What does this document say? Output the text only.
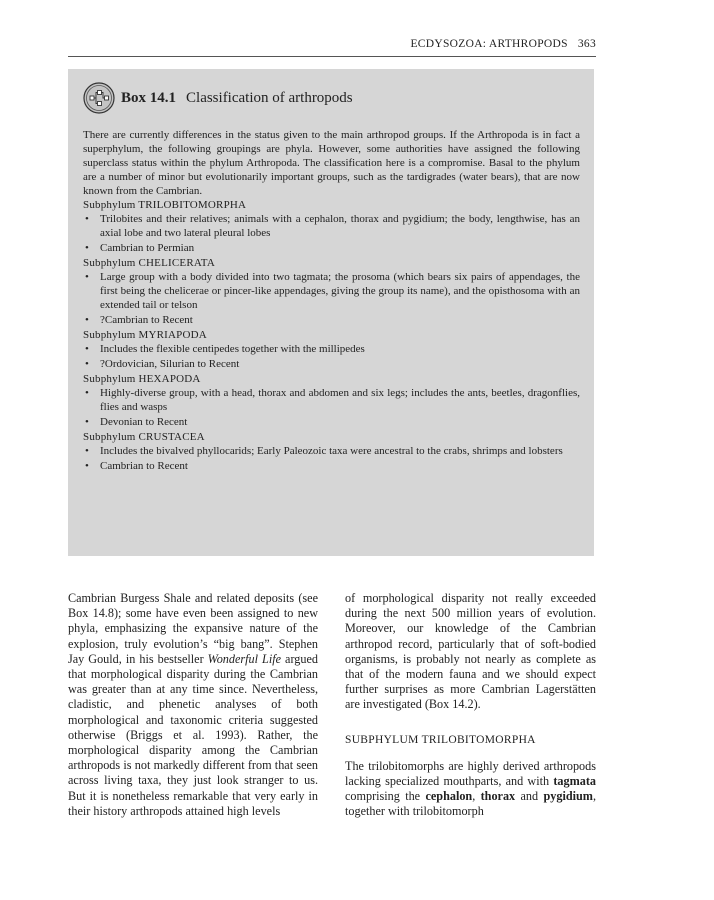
ECDYSOZOA: ARTHROPODS 363
Box 14.1 Classification of arthropods

There are currently differences in the status given to the main arthropod groups. If the Arthropoda is in fact a superphylum, the following groupings are phyla. However, some authorities have assigned the following superclass status within the phylum Arthropoda. The classification here is a compromise. Basal to the phylum are a number of minor but evolutionarily important groups, such as the tardigrades (water bears), that are now known from the Cambrian.

Subphylum TRILOBITOMORPHA

• Trilobites and their relatives; animals with a cephalon, thorax and pygidium; the body, lengthwise, has an axial lobe and two lateral pleural lobes
• Cambrian to Permian

Subphylum CHELICERATA

• Large group with a body divided into two tagmata; the prosoma (which bears six pairs of appendages, the first being the chelicerae or pincer-like appendages, giving the group its name), and the opisthosoma with an extended tail or telson
• ?Cambrian to Recent

Subphylum MYRIAPODA

• Includes the flexible centipedes together with the millipedes
• ?Ordovician, Silurian to Recent

Subphylum HEXAPODA

• Highly-diverse group, with a head, thorax and abdomen and six legs; includes the ants, beetles, dragonflies, flies and wasps
• Devonian to Recent

Subphylum CRUSTACEA

• Includes the bivalved phyllocarids; Early Paleozoic taxa were ancestral to the crabs, shrimps and lobsters
• Cambrian to Recent

Cambrian Burgess Shale and related deposits (see Box 14.8); some have even been assigned to new phyla, emphasizing the expansive nature of the explosion, truly evolution’s “big bang”. Stephen Jay Gould, in his bestseller Wonderful Life argued that morphological disparity during the Cambrian was greater than at any time since. Nevertheless, cladistic, and phenetic analyses of both morphological and taxonomic criteria suggested otherwise (Briggs et al. 1993). Rather, the morphological disparity among the Cambrian arthropods is not markedly different from that seen across living taxa, they just look stranger to us. But it is nonetheless remarkable that very early in their history arthropods attained high levels

of morphological disparity not really exceeded during the next 500 million years of evolution. Moreover, our knowledge of the Cambrian arthropod record, particularly that of soft-bodied organisms, is probably not nearly as complete as that of the modern fauna and we should expect further surprises as more Cambrian Lagerstätten are investigated (Box 14.2).

SUBPHYLUM TRILOBITOMORPHA

The trilobitomorphs are highly derived arthropods lacking specialized mouthparts, and with tagmata comprising the cephalon, thorax and pygidium, together with trilobitomorph
